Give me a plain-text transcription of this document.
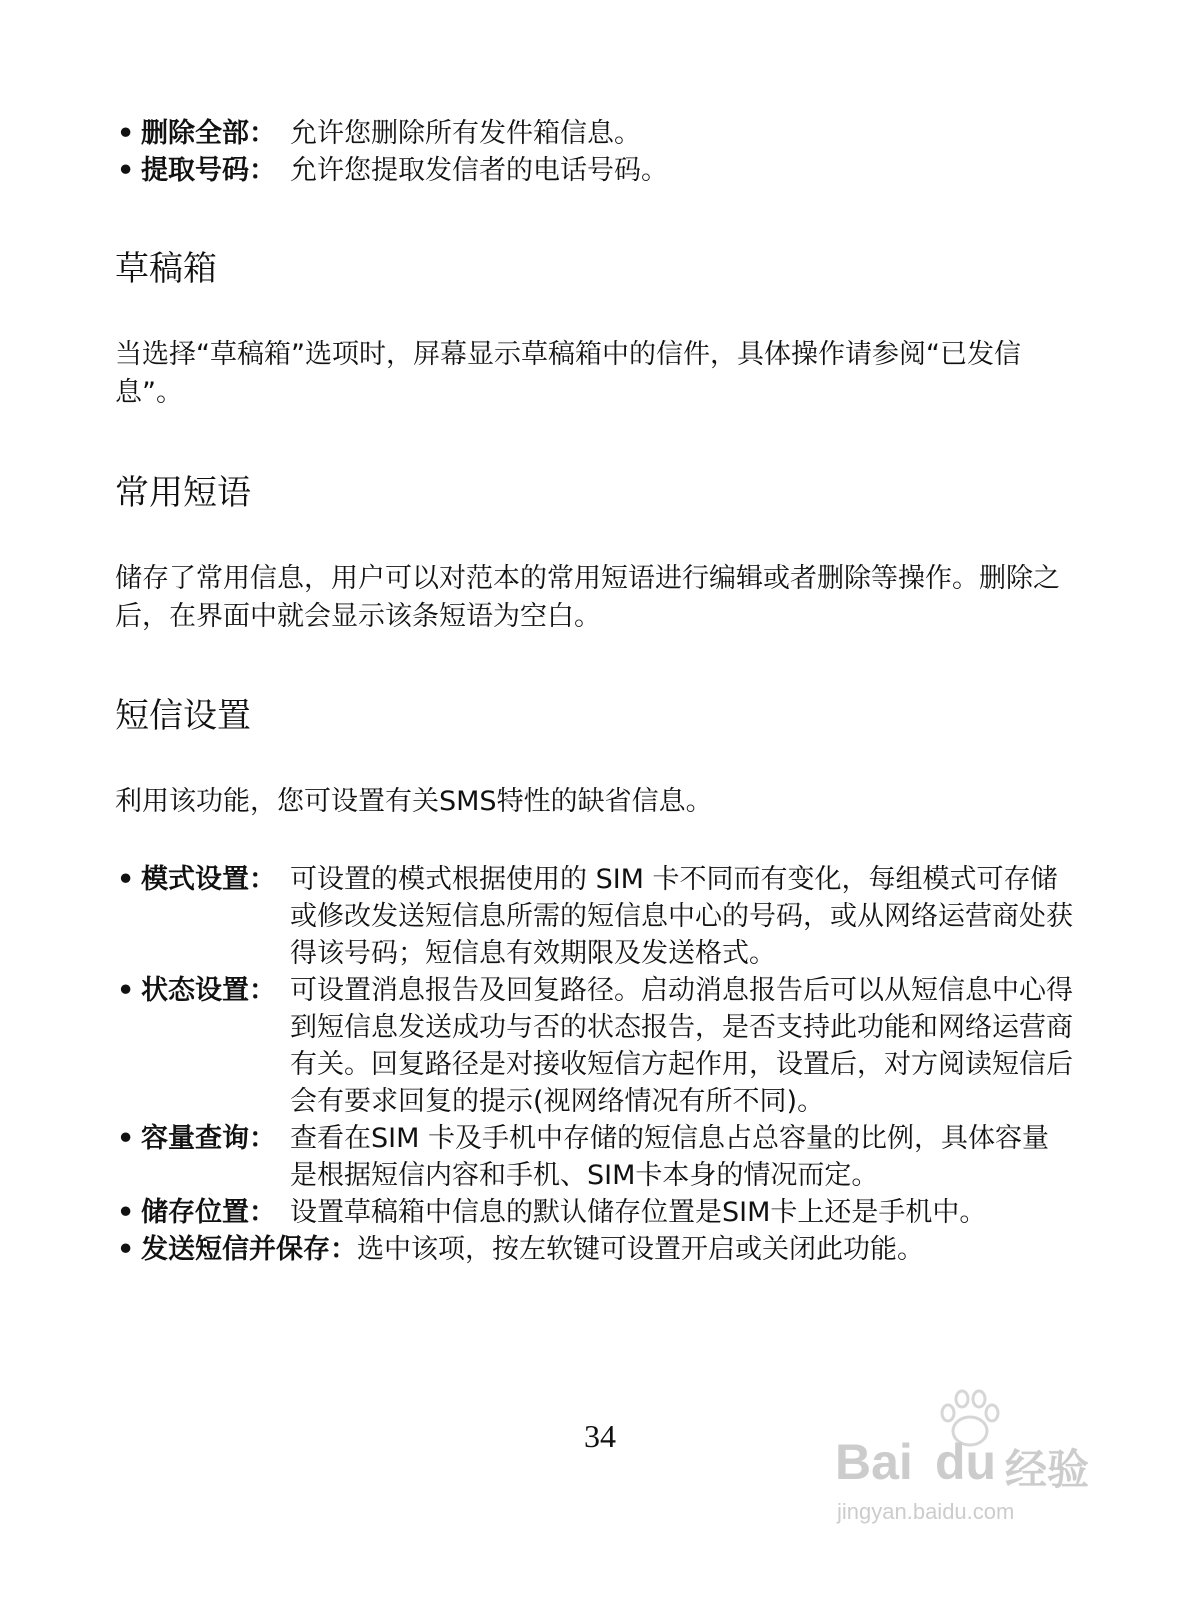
• 删除全部： 允许您删除所有发件箱信息。
• 提取号码： 允许您提取发信者的电话号码。
草稿箱

当选择“草稿箱”选项时，屏幕显示草稿箱中的信件，具体操作请参阅“已发信息”。

常用短语

储存了常用信息，用户可以对范本的常用短语进行编辑或者删除等操作。删除之后，在界面中就会显示该条短语为空白。

短信设置

利用该功能，您可设置有关SMS特性的缺省信息。

• 模式设置： 可设置的模式根据使用的 SIM 卡不同而有变化，每组模式可存储或修改发送短信息所需的短信息中心的号码，或从网络运营商处获得该号码；短信息有效期限及发送格式。
• 状态设置： 可设置消息报告及回复路径。启动消息报告后可以从短信息中心得到短信息发送成功与否的状态报告，是否支持此功能和网络运营商有关。回复路径是对接收短信方起作用，设置后，对方阅读短信后会有要求回复的提示(视网络情况有所不同)。
• 容量查询： 查看在SIM 卡及手机中存储的短信息占总容量的比例，具体容量是根据短信内容和手机、SIM卡本身的情况而定。
• 储存位置： 设置草稿箱中信息的默认储存位置是SIM卡上还是手机中。
• 发送短信并保存：选中该项，按左软键可设置开启或关闭此功能。
34	Bai du 经验
jingyan.baidu.com
